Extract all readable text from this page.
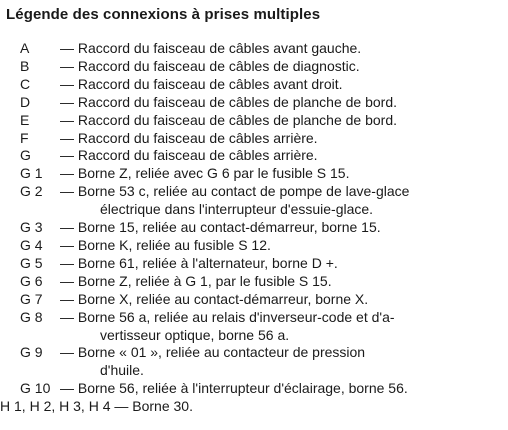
Légende des connexions à prises multiples
A	— Raccord du faisceau de câbles avant gauche.
B	— Raccord du faisceau de câbles de diagnostic.
C	— Raccord du faisceau de câbles avant droit.
D	— Raccord du faisceau de câbles de planche de bord.
E	— Raccord du faisceau de câbles de planche de bord.
F	— Raccord du faisceau de câbles arrière.
G	— Raccord du faisceau de câbles arrière.
G 1	— Borne Z, reliée avec G 6 par le fusible S 15.
G 2	— Borne 53 c, reliée au contact de pompe de lave-glace
électrique dans l'interrupteur d'essuie-glace.
G 3	— Borne 15, reliée au contact-démarreur, borne 15.
G 4	— Borne K, reliée au fusible S 12.
G 5	— Borne 61, reliée à l'alternateur, borne D +.
G 6	— Borne Z, reliée à G 1, par le fusible S 15.
G 7	— Borne X, reliée au contact-démarreur, borne X.
G 8	— Borne 56 a, reliée au relais d'inverseur-code et d'a-
vertisseur optique, borne 56 a.
G 9	— Borne « 01 », reliée au contacteur de pression
d'huile.
G 10 — Borne 56, reliée à l'interrupteur d'éclairage, borne 56.
H 1, H 2, H 3, H 4 — Borne 30.
